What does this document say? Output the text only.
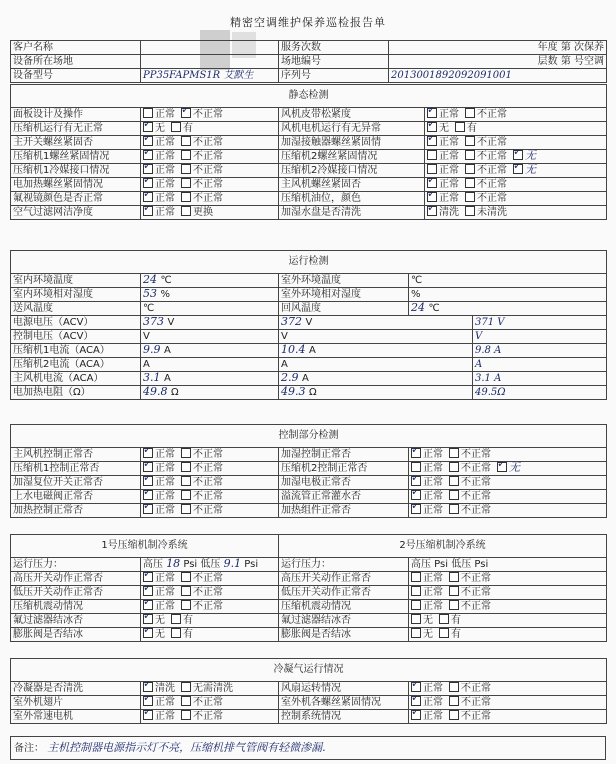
精密空调维护保养巡检报告单
客户名称		服务次数	年度 第 次保养
设备所在场地		场地编号	层数 第 号空调
设备型号	PP35FAPMS1R 艾默生	序列号	2013001892092091001
静态检测			
面板设计及操作	正常 ✓ 不正常	风机皮带松紧度	✓正常 不正常
压缩机运行有无正常	✓无 有	风机电机运行有无异常	✓无 有
主开关螺丝紧固否	✓正常 不正常	加湿接触器螺丝紧固情	✓正常 不正常
压缩机1螺丝紧固情况	✓正常 不正常	压缩机2螺丝紧固情况	正常 不正常 ✓ 无
压缩机1冷媒接口情况	✓正常 不正常	压缩机2冷媒接口情况	正常 不正常 ✓ 无
电加热螺丝紧固情况	✓正常 不正常	主风机螺丝紧固否	✓正常 不正常
氟视镜颜色是否正常	✓正常 不正常	压缩机油位，颜色	✓正常 不正常
空气过滤网洁净度	✓正常 更换	加湿水盘是否清洗	✓清洗 未清洗
运行检测				
室内环境温度	24 ℃	室外环境温度	℃	
室内环境相对湿度	53 %	室外环境相对湿度	%	
送风温度	℃	回风温度	24 ℃	
电源电压（ACV）	373 V	372 V		371 V
控制电压（ACV）	V	V		V
压缩机1电流（ACA）	9.9 A	10.4 A		9.8 A
压缩机2电流（ACA）	A	A		A
主风机电流（ACA）	3.1 A	2.9 A		3.1 A
电加热电阻（Ω）	49.8 Ω	49.3 Ω		49.5Ω
控制部分检测			
主风机控制正常否	✓正常 不正常	加湿控制正常否	✓正常 不正常
压缩机1控制正常否	✓正常 不正常	压缩机2控制正常否	正常 不正常 ✓ 无
加湿复位开关正常否	✓正常 不正常	加湿电极正常否	✓正常 不正常
上水电磁阀正常否	✓正常 不正常	溢流管正常灌水否	✓正常 不正常
加热控制正常否	✓正常 不正常	加热组件正常否	✓正常 不正常
1号压缩机制冷系统		2号压缩机制冷系统	
运行压力：	高压 18 Psi 低压 9.1 Psi	运行压力：	高压 Psi 低压 Psi
高压开关动作正常否	✓正常 不正常	高压开关动作正常否	正常 不正常
低压开关动作正常否	✓正常 不正常	低压开关动作正常否	正常 不正常
压缩机震动情况	✓正常 不正常	压缩机震动情况	正常 不正常
氟过滤器结冰否	✓无 有	氟过滤器结冰否	无 有
膨胀阀是否结冰	✓无 有	膨胀阀是否结冰	无 有
冷凝气运行情况			
冷凝器是否清洗	✓清洗 无需清洗	风扇运转情况	✓正常 不正常
室外机翅片	✓正常 不正常	室外机各螺丝紧固情况	✓正常 不正常
室外常速电机	✓正常 不正常	控制系统情况	✓正常 不正常
备注： 主机控制器电源指示灯不亮，压缩机排气管阀有轻微渗漏.
